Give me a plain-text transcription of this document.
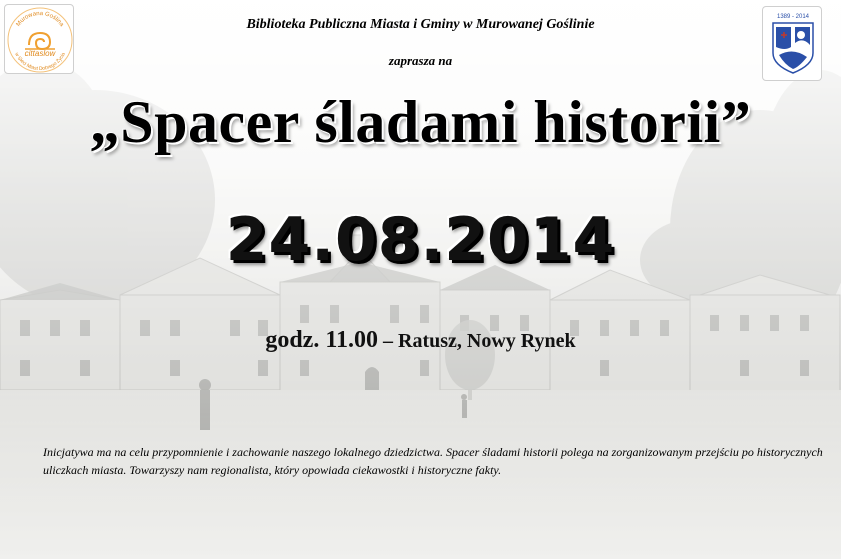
Murowana Goślina
w Sieci Miast Dobrego Życia
cittaslow
1389 - 2014
Biblioteka Publiczna Miasta i Gminy w Murowanej Goślinie
zaprasza na
„Spacer śladami historii”
24.08.2014
godz. 11.00 – Ratusz, Nowy Rynek
Inicjatywa ma na celu przypomnienie i zachowanie naszego lokalnego dziedzictwa. Spacer śladami historii polega na zorganizowanym przejściu po historycznych uliczkach miasta. Towarzyszy nam regionalista, który opowiada ciekawostki i historyczne fakty.
